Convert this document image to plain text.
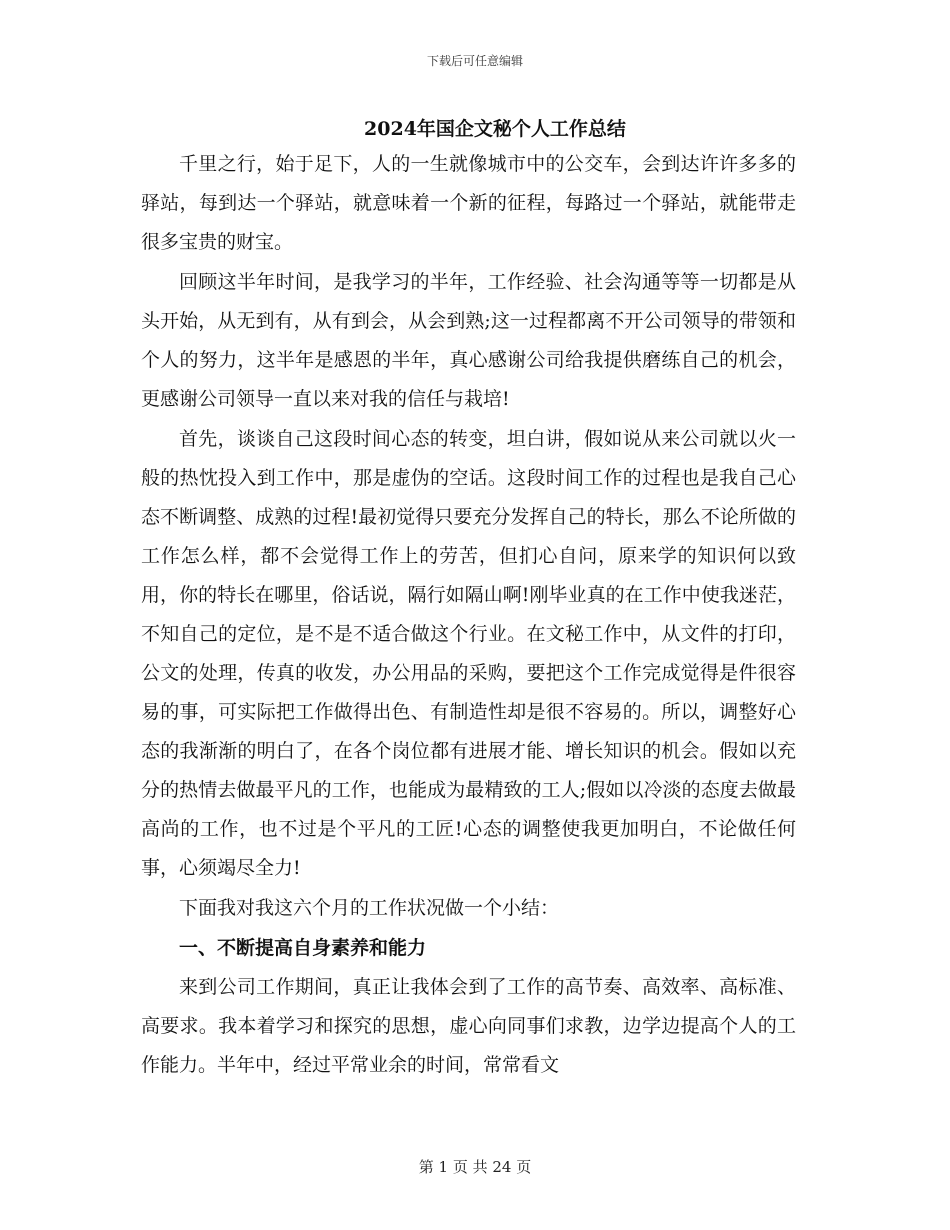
下载后可任意编辑
2024年国企文秘个人工作总结

千里之行，始于足下，人的一生就像城市中的公交车，会到达许许多多的驿站，每到达一个驿站，就意味着一个新的征程，每路过一个驿站，就能带走很多宝贵的财宝。

回顾这半年时间，是我学习的半年，工作经验、社会沟通等等一切都是从头开始，从无到有，从有到会，从会到熟;这一过程都离不开公司领导的带领和个人的努力，这半年是感恩的半年，真心感谢公司给我提供磨练自己的机会，更感谢公司领导一直以来对我的信任与栽培!

首先，谈谈自己这段时间心态的转变，坦白讲，假如说从来公司就以火一般的热忱投入到工作中，那是虚伪的空话。这段时间工作的过程也是我自己心态不断调整、成熟的过程!最初觉得只要充分发挥自己的特长，那么不论所做的工作怎么样，都不会觉得工作上的劳苦，但扪心自问，原来学的知识何以致用，你的特长在哪里，俗话说，隔行如隔山啊!刚毕业真的在工作中使我迷茫，不知自己的定位，是不是不适合做这个行业。在文秘工作中，从文件的打印，公文的处理，传真的收发，办公用品的采购，要把这个工作完成觉得是件很容易的事，可实际把工作做得出色、有制造性却是很不容易的。所以，调整好心态的我渐渐的明白了，在各个岗位都有进展才能、增长知识的机会。假如以充分的热情去做最平凡的工作，也能成为最精致的工人;假如以冷淡的态度去做最高尚的工作，也不过是个平凡的工匠!心态的调整使我更加明白，不论做任何事，心须竭尽全力!

下面我对我这六个月的工作状况做一个小结：

一、不断提高自身素养和能力

来到公司工作期间，真正让我体会到了工作的高节奏、高效率、高标准、高要求。我本着学习和探究的思想，虚心向同事们求教，边学边提高个人的工作能力。半年中，经过平常业余的时间，常常看文

第 1 页 共 24 页
